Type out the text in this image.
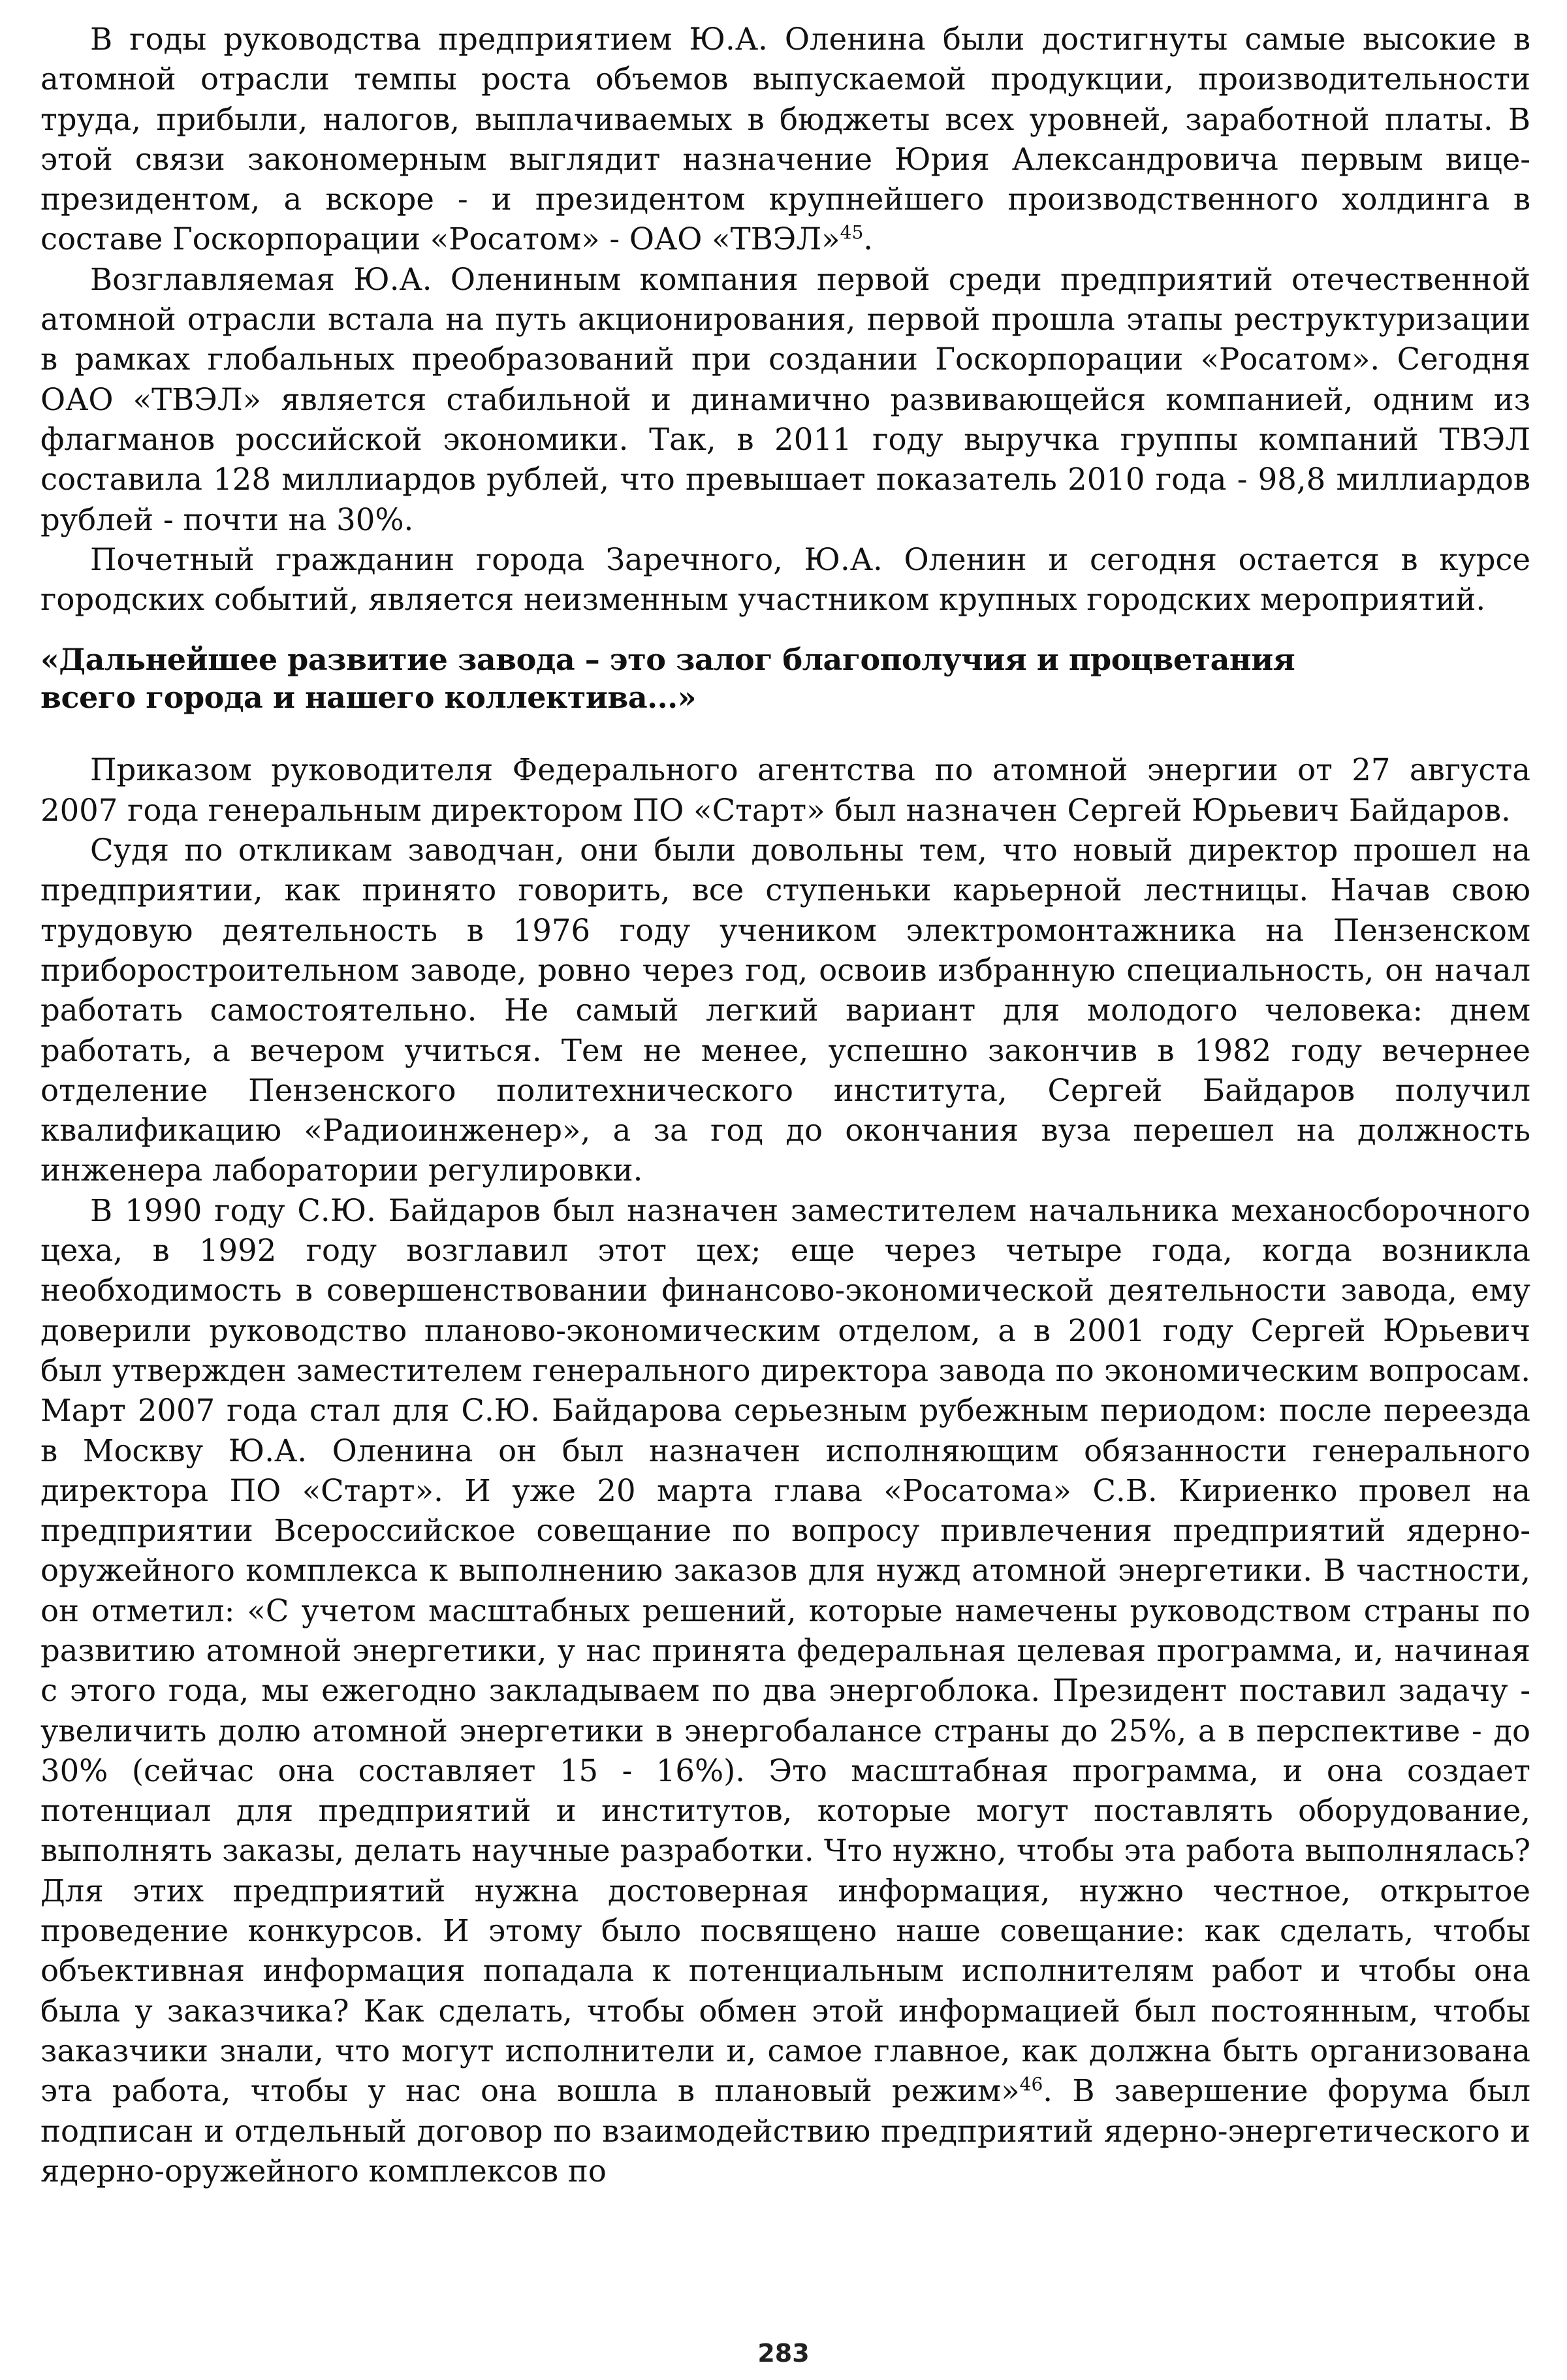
В годы руководства предприятием Ю.А. Оленина были достигнуты самые высокие в атомной отрасли темпы роста объемов выпускаемой продукции, производительности труда, прибыли, налогов, выплачиваемых в бюджеты всех уровней, заработной платы. В этой связи закономерным выглядит назначение Юрия Александровича первым вице-президентом, а вскоре - и президентом крупнейшего производственного холдинга в составе Госкорпорации «Росатом» - ОАО «ТВЭЛ»$^{45}$.

Возглавляемая Ю.А. Олениным компания первой среди предприятий отечественной атомной отрасли встала на путь акционирования, первой прошла этапы реструктуризации в рамках глобальных преобразований при создании Госкорпорации «Росатом». Сегодня ОАО «ТВЭЛ» является стабильной и динамично развивающейся компанией, одним из флагманов российской экономики. Так, в 2011 году выручка группы компаний ТВЭЛ составила 128 миллиардов рублей, что превышает показатель 2010 года - 98,8 миллиардов рублей - почти на 30%.

Почетный гражданин города Заречного, Ю.А. Оленин и сегодня остается в курсе городских событий, является неизменным участником крупных городских мероприятий.

«Дальнейшее развитие завода – это залог благополучия и процветания
всего города и нашего коллектива...»

Приказом руководителя Федерального агентства по атомной энергии от 27 августа 2007 года генеральным директором ПО «Старт» был назначен Сергей Юрьевич Байдаров.

Судя по откликам заводчан, они были довольны тем, что новый директор прошел на предприятии, как принято говорить, все ступеньки карьерной лестницы. Начав свою трудовую деятельность в 1976 году учеником электромонтажника на Пензенском приборостроительном заводе, ровно через год, освоив избранную специальность, он начал работать самостоятельно. Не самый легкий вариант для молодого человека: днем работать, а вечером учиться. Тем не менее, успешно закончив в 1982 году вечернее отделение Пензенского политехнического института, Сергей Байдаров получил квалификацию «Радиоинженер», а за год до окончания вуза перешел на должность инженера лаборатории регулировки.

В 1990 году С.Ю. Байдаров был назначен заместителем начальника механосборочного цеха, в 1992 году возглавил этот цех; еще через четыре года, когда возникла необходимость в совершенствовании финансово-экономической деятельности завода, ему доверили руководство планово-экономическим отделом, а в 2001 году Сергей Юрьевич был утвержден заместителем генерального директора завода по экономическим вопросам. Март 2007 года стал для С.Ю. Байдарова серьезным рубежным периодом: после переезда в Москву Ю.А. Оленина он был назначен исполняющим обязанности генерального директора ПО «Старт». И уже 20 марта глава «Росатома» С.В. Кириенко провел на предприятии Всероссийское совещание по вопросу привлечения предприятий ядерно-оружейного комплекса к выполнению заказов для нужд атомной энергетики. В частности, он отметил: «С учетом масштабных решений, которые намечены руководством страны по развитию атомной энергетики, у нас принята федеральная целевая программа, и, начиная с этого года, мы ежегодно закладываем по два энергоблока. Президент поставил задачу - увеличить долю атомной энергетики в энергобалансе страны до 25%, а в перспективе - до 30% (сейчас она составляет 15 - 16%). Это масштабная программа, и она создает потенциал для предприятий и институтов, которые могут поставлять оборудование, выполнять заказы, делать научные разработки. Что нужно, чтобы эта работа выполнялась? Для этих предприятий нужна достоверная информация, нужно честное, открытое проведение конкурсов. И этому было посвящено наше совещание: как сделать, чтобы объективная информация попадала к потенциальным исполнителям работ и чтобы она была у заказчика? Как сделать, чтобы обмен этой информацией был постоянным, чтобы заказчики знали, что могут исполнители и, самое главное, как должна быть организована эта работа, чтобы у нас она вошла в плановый режим»$^{46}$. В завершение форума был подписан и отдельный договор по взаимодействию предприятий ядерно-энергетического и ядерно-оружейного комплексов по

283
